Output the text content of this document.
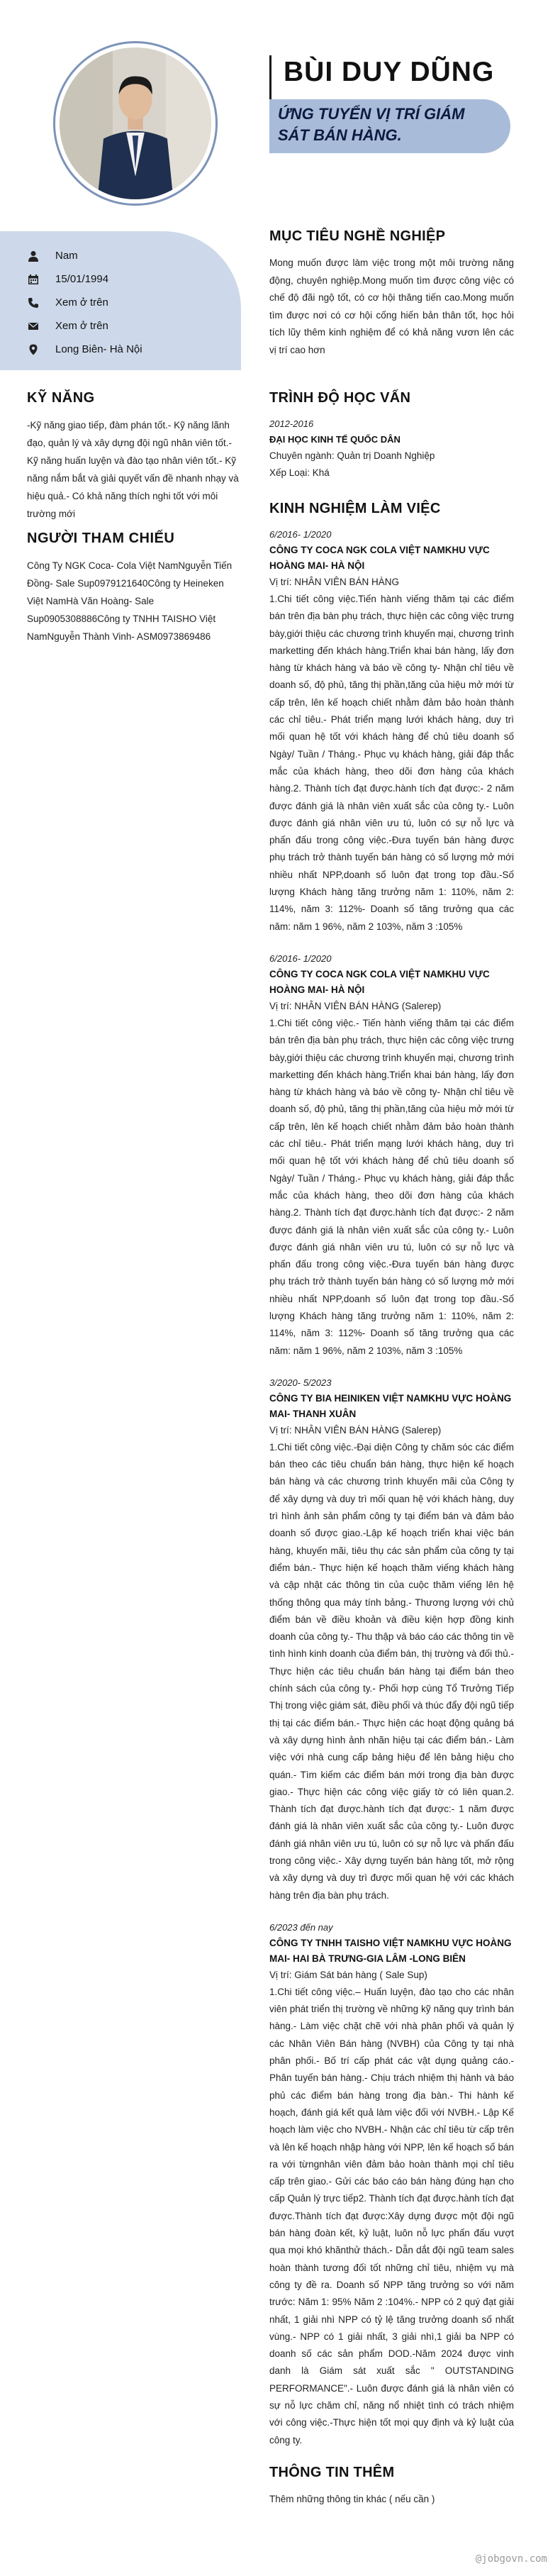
Nam
15/01/1994
Xem ở trên
Xem ở trên
Long Biên- Hà Nội
KỸ NĂNG
-Kỹ năng giao tiếp, đàm phán tốt.- Kỹ năng lãnh đạo, quản lý và xây dựng đội ngũ nhân viên tốt.- Kỹ năng huấn luyện và đào tạo nhân viên tốt.- Kỹ năng nắm bắt và giải quyết vấn đề nhanh nhạy và hiệu quả.- Có khả năng thích nghi tốt với môi trường mới
NGƯỜI THAM CHIẾU
Công Ty NGK Coca- Cola Việt NamNguyễn Tiến Đồng- Sale Sup0979121640Công ty Heineken Việt NamHà Văn Hoàng- Sale Sup0905308886Công ty TNHH TAISHO Việt NamNguyễn Thành Vinh- ASM0973869486
BÙI DUY DŨNG
ỨNG TUYỂN VỊ TRÍ GIÁM SÁT BÁN HÀNG.
MỤC TIÊU NGHỀ NGHIỆP
Mong muốn được làm việc trong một môi trường năng động, chuyên nghiệp.Mong muốn tìm được công việc có chế độ đãi ngộ tốt, có cơ hội thăng tiến cao.Mong muốn tìm được nơi có cơ hội cống hiến bản thân tốt, học hỏi tích lũy thêm kinh nghiệm để có khả năng vươn lên các vị trí cao hơn
TRÌNH ĐỘ HỌC VẤN
2012-2016
ĐẠI HỌC KINH TẾ QUỐC DÂN
Chuyên ngành: Quản trị Doanh Nghiệp
Xếp Loại: Khá
KINH NGHIỆM LÀM VIỆC
6/2016- 1/2020
CÔNG TY COCA NGK COLA VIỆT NAMKHU VỰC HOÀNG MAI- HÀ NỘI
Vị trí: NHÂN VIÊN BÁN HÀNG
1.Chi tiết công việc.Tiến hành viếng thăm tại các điểm bán trên địa bàn phụ trách, thực hiện các công việc trưng bày,giới thiệu các chương trình khuyến mại, chương trình marketting đến khách hàng.Triển khai bán hàng, lấy đơn hàng từ khách hàng và báo về công ty- Nhận chỉ tiêu về doanh số, độ phủ, tăng thị phần,tăng của hiệu mở mới từ cấp trên, lên kế hoạch chiết nhằm đảm bảo hoàn thành các chỉ tiêu.- Phát triển mạng lưới khách hàng, duy trì mối quan hệ tốt với khách hàng để chủ tiêu doanh số Ngày/ Tuần / Tháng.- Phục vụ khách hàng, giải đáp thắc mắc của khách hàng, theo dõi đơn hàng của khách hàng.2. Thành tích đạt được.hành tích đạt được:- 2 năm được đánh giá là nhân viên xuất sắc của công ty.- Luôn được đánh giá nhân viên ưu tú, luôn có sự nỗ lực và phấn đấu trong công việc.-Đưa tuyến bán hàng được phụ trách trở thành tuyến bán hàng có số lượng mở mới nhiều nhất NPP,doanh số luôn đạt trong top đầu.-Số lượng Khách hàng tăng trưởng năm 1: 110%, năm 2: 114%, năm 3: 112%- Doanh số tăng trưởng qua các năm: năm 1 96%, năm 2 103%, năm 3 :105%
6/2016- 1/2020
CÔNG TY COCA NGK COLA VIỆT NAMKHU VỰC HOÀNG MAI- HÀ NỘI
Vị trí: NHÂN VIÊN BÁN HÀNG (Salerep)
1.Chi tiết công việc.- Tiến hành viếng thăm tại các điểm bán trên địa bàn phụ trách, thực hiện các công việc trưng bày,giới thiệu các chương trình khuyến mại, chương trình marketting đến khách hàng.Triển khai bán hàng, lấy đơn hàng từ khách hàng và báo về công ty- Nhận chỉ tiêu về doanh số, độ phủ, tăng thị phần,tăng của hiệu mở mới từ cấp trên, lên kế hoạch chiết nhằm đảm bảo hoàn thành các chỉ tiêu.- Phát triển mạng lưới khách hàng, duy trì mối quan hệ tốt với khách hàng để chủ tiêu doanh số Ngày/ Tuần / Tháng.- Phục vụ khách hàng, giải đáp thắc mắc của khách hàng, theo dõi đơn hàng của khách hàng.2. Thành tích đạt được.hành tích đạt được:- 2 năm được đánh giá là nhân viên xuất sắc của công ty.- Luôn được đánh giá nhân viên ưu tú, luôn có sự nỗ lực và phấn đấu trong công việc.-Đưa tuyến bán hàng được phụ trách trở thành tuyến bán hàng có số lượng mở mới nhiều nhất NPP,doanh số luôn đạt trong top đầu.-Số lượng Khách hàng tăng trưởng năm 1: 110%, năm 2: 114%, năm 3: 112%- Doanh số tăng trưởng qua các năm: năm 1 96%, năm 2 103%, năm 3 :105%
3/2020- 5/2023
CÔNG TY BIA HEINIKEN VIỆT NAMKHU VỰC HOÀNG MAI- THANH XUÂN
Vị trí: NHÂN VIÊN BÁN HÀNG (Salerep)
1.Chi tiết công việc.-Đại diện Công ty chăm sóc các điểm bán theo các tiêu chuẩn bán hàng, thực hiện kế hoạch bán hàng và các chương trình khuyến mãi của Công ty để xây dựng và duy trì mối quan hệ với khách hàng, duy trì hình ảnh sản phẩm công ty tại điểm bán và đảm bảo doanh số được giao.-Lập kế hoạch triển khai việc bán hàng, khuyến mãi, tiêu thụ các sản phẩm của công ty tại điểm bán.- Thực hiện kế hoạch thăm viếng khách hàng và cập nhật các thông tin của cuộc thăm viếng lên hệ thống thông qua máy tính bảng.- Thương lượng với chủ điểm bán về điều khoản và điều kiện hợp đồng kinh doanh của công ty.- Thu thập và báo cáo các thông tin về tình hình kinh doanh của điểm bán, thị trường và đối thủ.- Thực hiện các tiêu chuẩn bán hàng tại điểm bán theo chính sách của công ty.- Phối hợp cùng Tổ Trưởng Tiếp Thị trong việc giám sát, điều phối và thúc đẩy đội ngũ tiếp thị tại các điểm bán.- Thực hiện các hoạt động quảng bá và xây dựng hình ảnh nhãn hiệu tại các điểm bán.- Làm việc với nhà cung cấp bảng hiệu để lên bảng hiệu cho quán.- Tìm kiếm các điểm bán mới trong địa bàn được giao.- Thực hiện các công việc giấy tờ có liên quan.2. Thành tích đạt được.hành tích đạt được:- 1 năm được đánh giá là nhân viên xuất sắc của công ty.- Luôn được đánh giá nhân viên ưu tú, luôn có sự nỗ lực và phấn đấu trong công việc.- Xây dựng tuyến bán hàng tốt, mở rộng và xây dựng và duy trì được mối quan hệ với các khách hàng trên địa bàn phụ trách.
6/2023 đến nay
CÔNG TY TNHH TAISHO VIỆT NAMKHU VỰC HOÀNG MAI- HAI BÀ TRƯNG-GIA LÂM -LONG BIÊN
Vị trí: Giám Sát bán hàng ( Sale Sup)
1.Chi tiết công việc.– Huấn luyện, đào tạo cho các nhân viên phát triển thị trường về những kỹ năng quy trình bán hàng.- Làm việc chặt chẽ với nhà phân phối và quản lý các Nhân Viên Bán hàng (NVBH) của Công ty tại nhà phân phối.- Bố trí cấp phát các vật dụng quảng cáo.- Phân tuyến bán hàng.- Chịu trách nhiệm thị hành và báo phủ các điểm bán hàng trong địa bàn.- Thi hành kế hoạch, đánh giá kết quả làm việc đối với NVBH.- Lập Kế hoạch làm việc cho NVBH.- Nhận các chỉ tiêu từ cấp trên và lên kế hoạch nhập hàng với NPP, lên kế hoạch số bán ra với từngnhân viên đảm bảo hoàn thành mọi chỉ tiêu cấp trên giao.- Gửi các báo cáo bán hàng đúng hạn cho cấp Quản lý trực tiếp2. Thành tích đạt được.hành tích đạt được.Thành tích đạt được:Xây dựng được một đội ngũ bán hàng đoàn kết, kỷ luật, luôn nỗ lực phấn đấu vượt qua mọi khó khănthử thách.- Dẫn dắt đội ngũ team sales hoàn thành tương đối tốt những chỉ tiêu, nhiệm vụ mà công ty đề ra. Doanh số NPP tăng trưởng so với năm trước: Năm 1: 95% Năm 2 :104%.- NPP có 2 quý đạt giải nhất, 1 giải nhì NPP có tỷ lệ tăng trưởng doanh số nhất vùng.- NPP có 1 giải nhất, 3 giải nhì,1 giải ba NPP có doanh số các sản phẩm DOD.-Năm 2024 được vinh danh là Giám sát xuất sắc " OUTSTANDING PERFORMANCE".- Luôn được đánh giá là nhân viên có sự nỗ lực chăm chỉ, năng nổ nhiệt tình có trách nhiệm với công việc.-Thực hiện tốt mọi quy định và kỷ luật của công ty.
THÔNG TIN THÊM
Thêm những thông tin khác ( nếu cần )
@jobgovn.com
